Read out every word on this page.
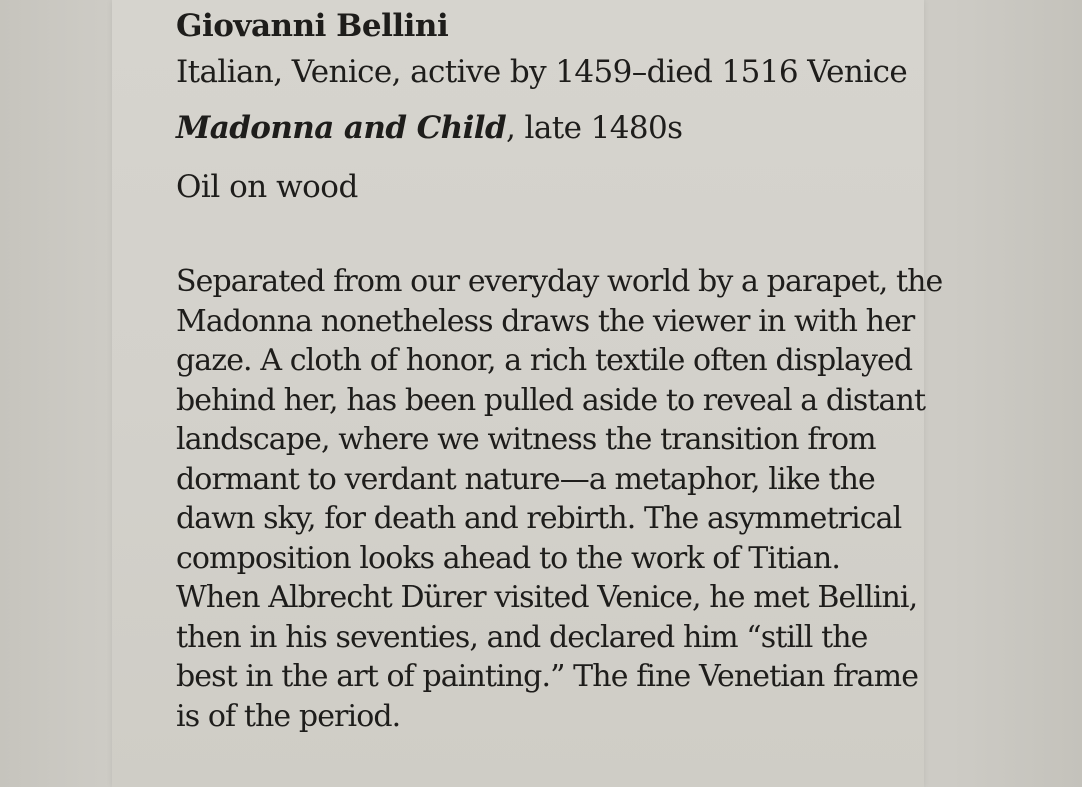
Giovanni Bellini
Italian, Venice, active by 1459–died 1516 Venice
Madonna and Child, late 1480s
Oil on wood
Separated from our everyday world by a parapet, the
Madonna nonetheless draws the viewer in with her
gaze. A cloth of honor, a rich textile often displayed
behind her, has been pulled aside to reveal a distant
landscape, where we witness the transition from
dormant to verdant nature—a metaphor, like the
dawn sky, for death and rebirth. The asymmetrical
composition looks ahead to the work of Titian.
When Albrecht Dürer visited Venice, he met Bellini,
then in his seventies, and declared him “still the
best in the art of painting.” The fine Venetian frame
is of the period.
